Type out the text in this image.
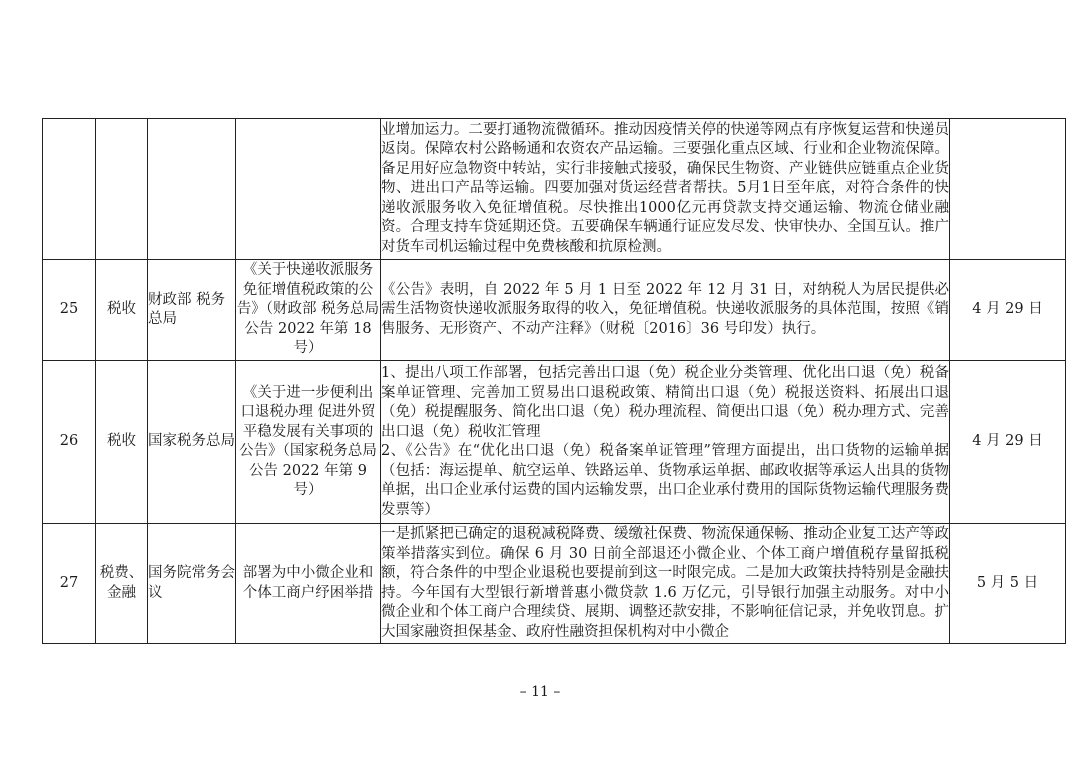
				业增加运力。二要打通物流微循环。推动因疫情关停的快递等网点有序恢复运营和快递员返岗。保障农村公路畅通和农资农产品运输。三要强化重点区域、行业和企业物流保障。备足用好应急物资中转站，实行非接触式接驳，确保民生物资、产业链供应链重点企业货物、进出口产品等运输。四要加强对货运经营者帮扶。5月1日至年底，对符合条件的快递收派服务收入免征增值税。尽快推出1000亿元再贷款支持交通运输、物流仓储业融资。合理支持车贷延期还贷。五要确保车辆通行证应发尽发、快审快办、全国互认。推广对货车司机运输过程中免费核酸和抗原检测。	

25	税收	财政部 税务总局	《关于快递收派服务免征增值税政策的公告》（财政部 税务总局公告 2022 年第 18 号）	《公告》表明，自 2022 年 5 月 1 日至 2022 年 12 月 31 日，对纳税人为居民提供必需生活物资快递收派服务取得的收入，免征增值税。快递收派服务的具体范围，按照《销售服务、无形资产、不动产注释》（财税〔2016〕36 号印发）执行。	4 月 29 日
26	税收	国家税务总局	《关于进一步便利出口退税办理 促进外贸平稳发展有关事项的公告》（国家税务总局公告 2022 年第 9 号）	1、提出八项工作部署，包括完善出口退（免）税企业分类管理、优化出口退（免）税备案单证管理、完善加工贸易出口退税政策、精简出口退（免）税报送资料、拓展出口退（免）税提醒服务、简化出口退（免）税办理流程、简便出口退（免）税办理方式、完善出口退（免）税收汇管理
2、《公告》在“优化出口退（免）税备案单证管理”管理方面提出，出口货物的运输单据（包括：海运提单、航空运单、铁路运单、货物承运单据、邮政收据等承运人出具的货物单据，出口企业承付运费的国内运输发票，出口企业承付费用的国际货物运输代理服务费发票等）	4 月 29 日
27	税费、金融	国务院常务会议	部署为中小微企业和个体工商户纾困举措	一是抓紧把已确定的退税减税降费、缓缴社保费、物流保通保畅、推动企业复工达产等政策举措落实到位。确保 6 月 30 日前全部退还小微企业、个体工商户增值税存量留抵税额，符合条件的中型企业退税也要提前到这一时限完成。二是加大政策扶持特别是金融扶持。今年国有大型银行新增普惠小微贷款 1.6 万亿元，引导银行加强主动服务。对中小微企业和个体工商户合理续贷、展期、调整还款安排，不影响征信记录，并免收罚息。扩大国家融资担保基金、政府性融资担保机构对中小微企	5 月 5 日
– 11 –
